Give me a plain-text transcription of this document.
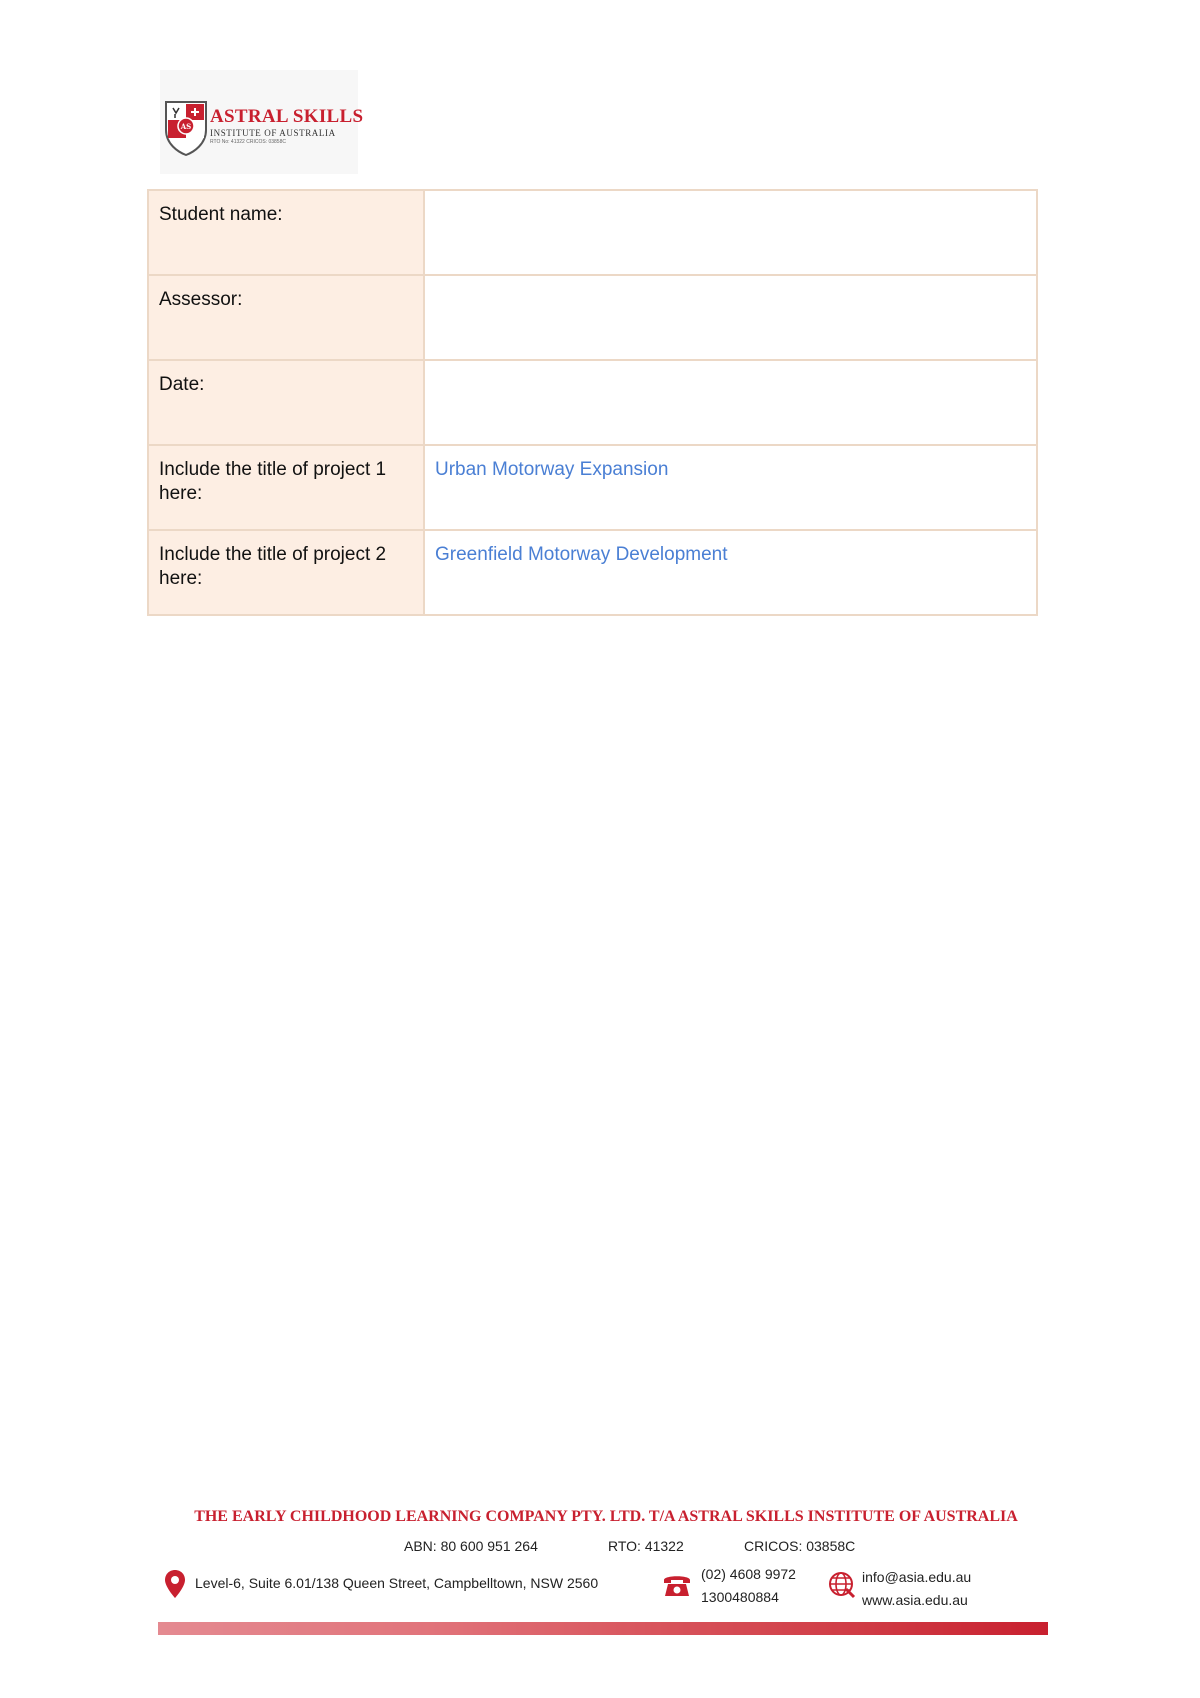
AS ASTRAL SKILLS
INSTITUTE OF AUSTRALIA
RTO No: 41322 CRICOS: 03858C
Student name:	
Assessor:	
Date:	
Include the title of project 1 here:	Urban Motorway Expansion
Include the title of project 2 here:	Greenfield Motorway Development
THE EARLY CHILDHOOD LEARNING COMPANY PTY. LTD. T/A ASTRAL SKILLS INSTITUTE OF AUSTRALIA
ABN: 80 600 951 264	RTO: 41322	CRICOS: 03858C
Level-6, Suite 6.01/138 Queen Street, Campbelltown, NSW 2560
(02) 4608 9972
1300480884
info@asia.edu.au
www.asia.edu.au
